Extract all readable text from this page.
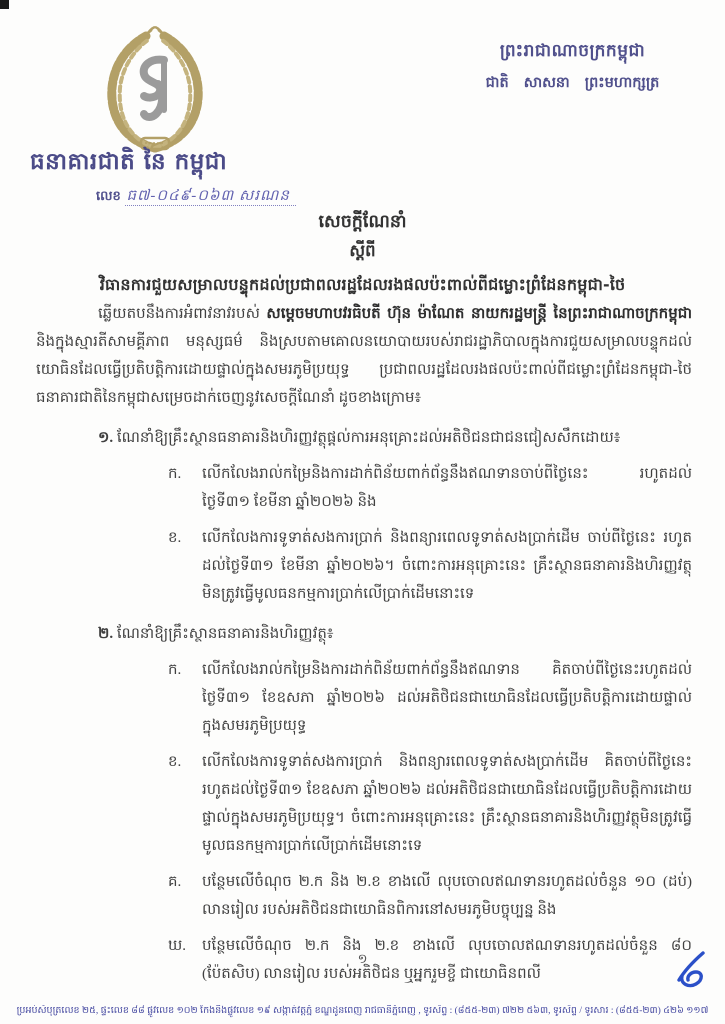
ធនាគារជាតិ នៃ កម្ពុជា
ព្រះរាជាណាចក្រកម្ពុជា
ជាតិ សាសនា ព្រះមហាក្សត្រ
លេខ ធ៧-០៤៩-០៦៣ សរណន
សេចក្តីណែនាំ
ស្តីពី
វិធានការជួយសម្រាលបន្ទុកដល់ប្រជាពលរដ្ឋដែលរងផលប៉ះពាល់ពីជម្លោះព្រំដែនកម្ពុជា-ថៃ

ឆ្លើយតបនឹងការអំពាវនាវរបស់ សម្តេចមហាបវរធិបតី ហ៊ុន ម៉ាណែត នាយករដ្ឋមន្ត្រី នៃព្រះរាជាណាចក្រកម្ពុជា និងក្នុងស្មារតីសាមគ្គីភាព មនុស្សធម៌ និងស្របតាមគោលនយោបាយរបស់រាជរដ្ឋាភិបាលក្នុងការជួយសម្រាលបន្ទុកដល់យោធិនដែលធ្វើប្រតិបត្តិការដោយផ្ទាល់ក្នុងសមរភូមិប្រយុទ្ធ ប្រជាពលរដ្ឋដែលរងផលប៉ះពាល់ពីជម្លោះព្រំដែនកម្ពុជា-ថៃ ធនាគារជាតិនៃកម្ពុជាសម្រេចដាក់ចេញនូវសេចក្តីណែនាំ ដូចខាងក្រោម៖

១. ណែនាំឱ្យគ្រឹះស្ថានធនាគារនិងហិរញ្ញវត្ថុផ្តល់ការអនុគ្រោះដល់អតិថិជនជាជនជៀសសឹកដោយ៖

ក.	លើកលែងរាល់កម្រៃនិងការដាក់ពិន័យពាក់ព័ន្ធនឹងឥណទានចាប់ពីថ្ងៃនេះ រហូតដល់ថ្ងៃទី៣១ ខែមីនា ឆ្នាំ២០២៦ និង
ខ.	លើកលែងការទូទាត់សងការប្រាក់ និងពន្យារពេលទូទាត់សងប្រាក់ដើម ចាប់ពីថ្ងៃនេះ រហូតដល់ថ្ងៃទី៣១ ខែមីនា ឆ្នាំ២០២៦។ ចំពោះការអនុគ្រោះនេះ គ្រឹះស្ថានធនាគារនិងហិរញ្ញវត្ថុមិនត្រូវធ្វើមូលធនកម្មការប្រាក់លើប្រាក់ដើមនោះទេ

២. ណែនាំឱ្យគ្រឹះស្ថានធនាគារនិងហិរញ្ញវត្ថុ៖

ក.	លើកលែងរាល់កម្រៃនិងការដាក់ពិន័យពាក់ព័ន្ធនឹងឥណទាន គិតចាប់ពីថ្ងៃនេះរហូតដល់ថ្ងៃទី៣១ ខែឧសភា ឆ្នាំ២០២៦ ដល់អតិថិជនជាយោធិនដែលធ្វើប្រតិបត្តិការដោយផ្ទាល់ក្នុងសមរភូមិប្រយុទ្ធ
ខ.	លើកលែងការទូទាត់សងការប្រាក់ និងពន្យារពេលទូទាត់សងប្រាក់ដើម គិតចាប់ពីថ្ងៃនេះរហូតដល់ថ្ងៃទី៣១ ខែឧសភា ឆ្នាំ២០២៦ ដល់អតិថិជនជាយោធិនដែលធ្វើប្រតិបត្តិការដោយផ្ទាល់ក្នុងសមរភូមិប្រយុទ្ធ។ ចំពោះការអនុគ្រោះនេះ គ្រឹះស្ថានធនាគារនិងហិរញ្ញវត្ថុមិនត្រូវធ្វើមូលធនកម្មការប្រាក់លើប្រាក់ដើមនោះទេ
គ.	បន្ថែមលើចំណុច ២.ក និង ២.ខ ខាងលើ លុបចោលឥណទានរហូតដល់ចំនួន ១០ (ដប់) លានរៀល របស់អតិថិជនជាយោធិនពិការនៅសមរភូមិបច្ចុប្បន្ន និង
ឃ.	បន្ថែមលើចំណុច ២.ក និង ២.ខ ខាងលើ លុបចោលឥណទានរហូតដល់ចំនួន ៨០ (ប៉ែតសិប) លានរៀល របស់អតិថិជន ឬអ្នករួមខ្ចី ជាយោធិនពលី
១
ប្រអប់សំបុត្រលេខ ២៥, ផ្ទះលេខ ៨៨ ផ្លូវលេខ ១០២ កែងនឹងផ្លូវលេខ ១៩ សង្កាត់វត្តភ្នំ ខណ្ឌដូនពេញ រាជធានីភ្នំពេញ , ទូរស័ព្ទ : (៨៥៥-២៣) ៧២២ ៥៦៣, ទូរស័ព្ទ / ទូរសារ : (៨៥៥-២៣) ៤២៦ ១១៧
